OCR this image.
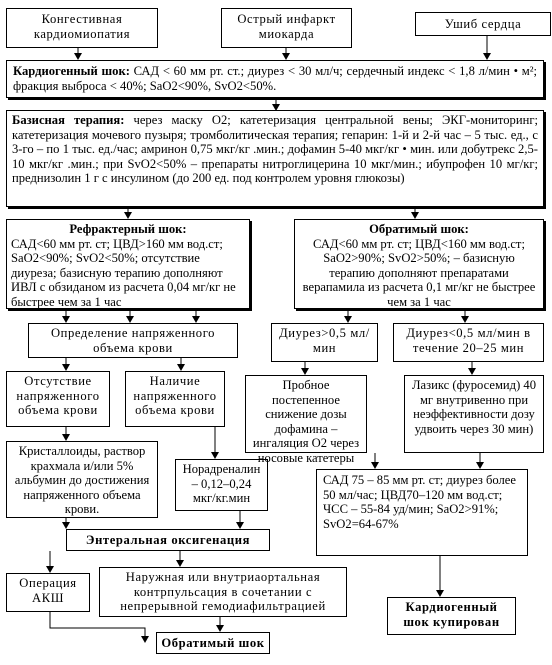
Конгестивная кардиомиопатия
Острый инфаркт миокарда
Ушиб сердца
Кардиогенный шок: САД < 60 мм рт. ст.; диурез < 30 мл/ч; сердечный индекс < 1,8 л/мин • м²; фракция выброса < 40%; SaO2<90%, SvO2<50%.
Базисная терапия: через маску O2; катетеризация центральной вены; ЭКГ-мониторинг; катетеризация мочевого пузыря; тромболитическая терапия; гепарин: 1-й и 2-й час – 5 тыс. ед., с 3-го – по 1 тыс. ед./час; амринон 0,75 мкг/кг .мин.; дофамин 5-40 мкг/кг • мин. или добутрекс 2,5-10 мкг/кг .мин.; при SvO2<50% – препараты нитроглицерина 10 мкг/мин.; ибупрофен 10 мг/кг; преднизолин 1 г с инсулином (до 200 ед. под контролем уровня глюкозы)
Рефрактерный шок:
САД<60 мм рт. ст; ЦВД>160 мм вод.ст; SaO2<90%; SvO2<50%; отсутствие диуреза; базисную терапию дополняют ИВЛ с обзиданом из расчета 0,04 мг/кг не быстрее чем за 1 час
Обратимый шок:
САД<60 мм рт. ст; ЦВД<160 мм вод.ст; SaO2>90%; SvO2>50%; – базисную терапию дополняют препаратами верапамила из расчета 0,1 мг/кг не быстрее чем за 1 час
Определение напряженного объема крови
Отсутствие напряженного объема крови
Наличие напряженного объема крови
Кристаллоиды, раствор крахмала и/или 5% альбумин до достижения напряженного объема крови.
Норадреналин – 0,12–0,24 мкг/кг.мин
Диурез>0,5 мл/мин
Диурез<0,5 мл/мин в течение 20–25 мин
Пробное постепенное снижение дозы дофамина – ингаляция O2 через носовые катетеры
Лазикс (фуросемид) 40 мг внутривенно при неэффективности дозу удвоить через 30 мин)
САД 75 – 85 мм рт. ст; диурез более 50 мл/час; ЦВД70–120 мм вод.ст; ЧСС – 55-84 уд/мин; SaO2>91%; SvO2=64-67%
Энтеральная оксигенация
Операция АКШ
Наружная или внутриаортальная контрпульсация в сочетании с непрерывной гемодиафильтрацией
Обратимый шок
Кардиогенный шок купирован
